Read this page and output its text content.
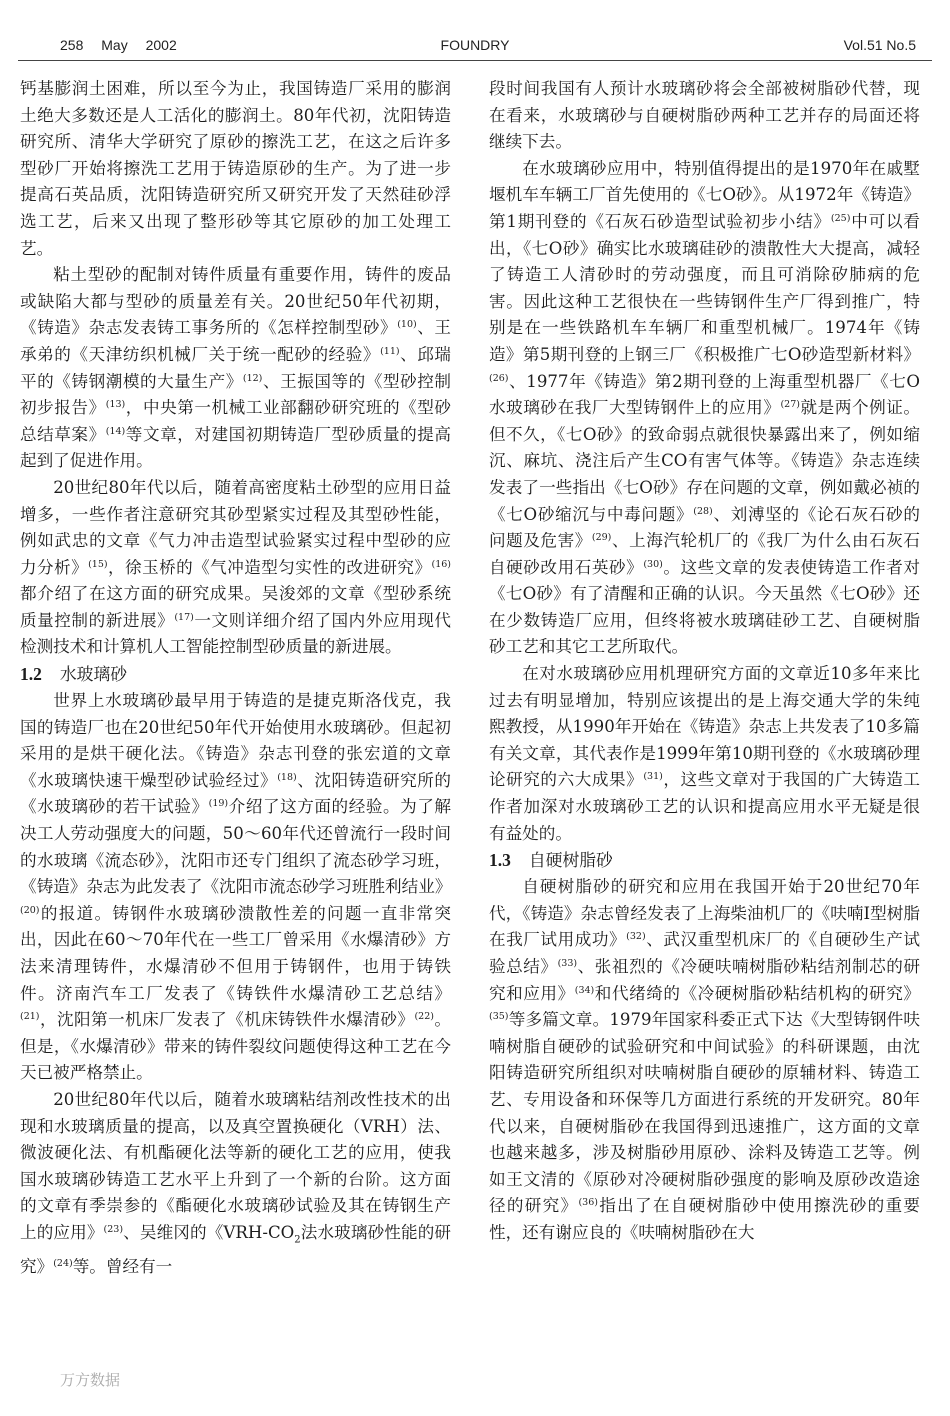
258 May 2002	FOUNDRY	Vol.51 No.5

钙基膨润土困难，所以至今为止，我国铸造厂采用的膨润土绝大多数还是人工活化的膨润土。80年代初，沈阳铸造研究所、清华大学研究了原砂的擦洗工艺，在这之后许多型砂厂开始将擦洗工艺用于铸造原砂的生产。为了进一步提高石英品质，沈阳铸造研究所又研究开发了天然硅砂浮选工艺，后来又出现了整形砂等其它原砂的加工处理工艺。

粘土型砂的配制对铸件质量有重要作用，铸件的废品或缺陷大都与型砂的质量差有关。20世纪50年代初期，《铸造》杂志发表铸工事务所的《怎样控制型砂》$^{(10)}$、王承弟的《天津纺织机械厂关于统一配砂的经验》$^{(11)}$、邱瑞平的《铸钢潮模的大量生产》$^{(12)}$、王振国等的《型砂控制初步报告》$^{(13)}$，中央第一机械工业部翻砂研究班的《型砂总结草案》$^{(14)}$等文章，对建国初期铸造厂型砂质量的提高起到了促进作用。

20世纪80年代以后，随着高密度粘土砂型的应用日益增多，一些作者注意研究其砂型紧实过程及其型砂性能，例如武忠的文章《气力冲击造型试验紧实过程中型砂的应力分析》$^{(15)}$，徐玉桥的《气冲造型匀实性的改进研究》$^{(16)}$都介绍了在这方面的研究成果。吴浚郊的文章《型砂系统质量控制的新进展》$^{(17)}$一文则详细介绍了国内外应用现代检测技术和计算机人工智能控制型砂质量的新进展。

1.2 水玻璃砂

世界上水玻璃砂最早用于铸造的是捷克斯洛伐克，我国的铸造厂也在20世纪50年代开始使用水玻璃砂。但起初采用的是烘干硬化法。《铸造》杂志刊登的张宏道的文章《水玻璃快速干燥型砂试验经过》$^{(18)}$、沈阳铸造研究所的《水玻璃砂的若干试验》$^{(19)}$介绍了这方面的经验。为了解决工人劳动强度大的问题，50～60年代还曾流行一段时间的水玻璃《流态砂》，沈阳市还专门组织了流态砂学习班，《铸造》杂志为此发表了《沈阳市流态砂学习班胜利结业》$^{(20)}$的报道。铸钢件水玻璃砂溃散性差的问题一直非常突出，因此在60～70年代在一些工厂曾采用《水爆清砂》方法来清理铸件，水爆清砂不但用于铸钢件，也用于铸铁件。济南汽车工厂发表了《铸铁件水爆清砂工艺总结》$^{(21)}$，沈阳第一机床厂发表了《机床铸铁件水爆清砂》$^{(22)}$。但是，《水爆清砂》带来的铸件裂纹问题使得这种工艺在今天已被严格禁止。

20世纪80年代以后，随着水玻璃粘结剂改性技术的出现和水玻璃质量的提高，以及真空置换硬化（VRH）法、微波硬化法、有机酯硬化法等新的硬化工艺的应用，使我国水玻璃砂铸造工艺水平上升到了一个新的台阶。这方面的文章有季崇参的《酯硬化水玻璃砂试验及其在铸钢生产上的应用》$^{(23)}$、吴维冈的《VRH-$CO_2$法水玻璃砂性能的研究》$^{(24)}$等。曾经有一

万方数据

段时间我国有人预计水玻璃砂将会全部被树脂砂代替，现在看来，水玻璃砂与自硬树脂砂两种工艺并存的局面还将继续下去。

在水玻璃砂应用中，特别值得提出的是1970年在戚墅堰机车车辆工厂首先使用的《七O砂》。从1972年《铸造》第1期刊登的《石灰石砂造型试验初步小结》$^{(25)}$中可以看出，《七O砂》确实比水玻璃硅砂的溃散性大大提高，减轻了铸造工人清砂时的劳动强度，而且可消除矽肺病的危害。因此这种工艺很快在一些铸钢件生产厂得到推广，特别是在一些铁路机车车辆厂和重型机械厂。1974年《铸造》第5期刊登的上钢三厂《积极推广七O砂造型新材料》$^{(26)}$、1977年《铸造》第2期刊登的上海重型机器厂《七O水玻璃砂在我厂大型铸钢件上的应用》$^{(27)}$就是两个例证。但不久，《七O砂》的致命弱点就很快暴露出来了，例如缩沉、麻坑、浇注后产生CO有害气体等。《铸造》杂志连续发表了一些指出《七O砂》存在问题的文章，例如戴必祯的《七O砂缩沉与中毒问题》$^{(28)}$、刘溥坚的《论石灰石砂的问题及危害》$^{(29)}$、上海汽轮机厂的《我厂为什么由石灰石自硬砂改用石英砂》$^{(30)}$。这些文章的发表使铸造工作者对《七O砂》有了清醒和正确的认识。今天虽然《七O砂》还在少数铸造厂应用，但终将被水玻璃硅砂工艺、自硬树脂砂工艺和其它工艺所取代。

在对水玻璃砂应用机理研究方面的文章近10多年来比过去有明显增加，特别应该提出的是上海交通大学的朱纯熙教授，从1990年开始在《铸造》杂志上共发表了10多篇有关文章，其代表作是1999年第10期刊登的《水玻璃砂理论研究的六大成果》$^{(31)}$，这些文章对于我国的广大铸造工作者加深对水玻璃砂工艺的认识和提高应用水平无疑是很有益处的。

1.3 自硬树脂砂

自硬树脂砂的研究和应用在我国开始于20世纪70年代，《铸造》杂志曾经发表了上海柴油机厂的《呋喃Ⅰ型树脂在我厂试用成功》$^{(32)}$、武汉重型机床厂的《自硬砂生产试验总结》$^{(33)}$、张祖烈的《冷硬呋喃树脂砂粘结剂制芯的研究和应用》$^{(34)}$和代绪绮的《冷硬树脂砂粘结机构的研究》$^{(35)}$等多篇文章。1979年国家科委正式下达《大型铸钢件呋喃树脂自硬砂的试验研究和中间试验》的科研课题，由沈阳铸造研究所组织对呋喃树脂自硬砂的原辅材料、铸造工艺、专用设备和环保等几方面进行系统的开发研究。80年代以来，自硬树脂砂在我国得到迅速推广，这方面的文章也越来越多，涉及树脂砂用原砂、涂料及铸造工艺等。例如王文清的《原砂对冷硬树脂砂强度的影响及原砂改造途径的研究》$^{(36)}$指出了在自硬树脂砂中使用擦洗砂的重要性，还有谢应良的《呋喃树脂砂在大
